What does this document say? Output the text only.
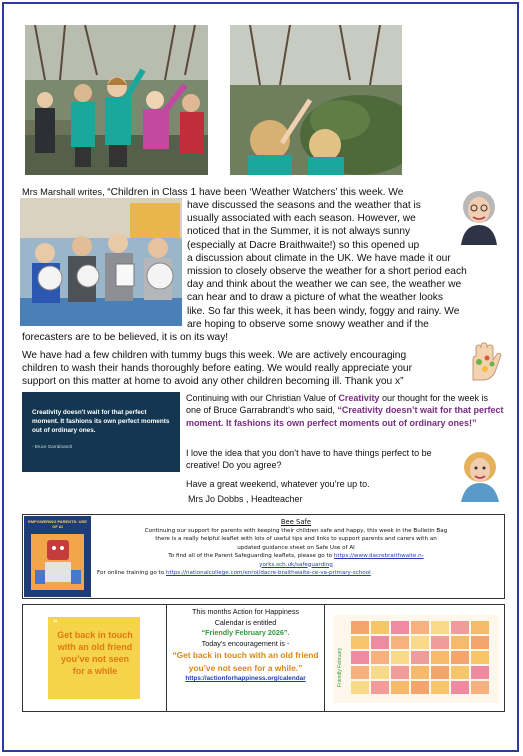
Mrs Marshall writes, “Children in Class 1 have been ‘Weather Watchers’ this week. We

have discussed the seasons and the weather that is

usually associated with each season. However, we

noticed that in the Summer, it is not always sunny

(especially at Dacre Braithwaite!) so this opened up

a discussion about climate in the UK. We have made it our

mission to closely observe the weather for a short period each

day and think about the weather we can see, the weather we

can hear and to draw a picture of what the weather looks

like. So far this week, it has been windy, foggy and rainy. We

are hoping to observe some snowy weather and if the

forecasters are to be believed, it is on its way!

We have had a few children with tummy bugs this week. We are actively encouraging

children to wash their hands thoroughly before eating. We would really appreciate your

support on this matter at home to avoid any other children becoming ill. Thank you x”

Creativity doesn't wait for that perfect moment. It fashions its own perfect moments out of ordinary ones.
- Bruce Garrabrandt

Continuing with our Christian Value of Creativity our thought for the week is

one of Bruce Garrabrandt’s who said, “Creativity doesn’t wait for that perfect moment. It fashions its own perfect moments out of ordinary ones!”

I love the idea that you don’t have to have things perfect to be creative! Do you agree?
Have a great weekend, whatever you’re up to.
Mrs Jo Dobbs , Headteacher
EMPOWERING PARENTS: USE OF AI
Bee Safe
Continuing our support for parents with keeping their children safe and happy, this week in the Bulletin Bag
there is a really helpful leaflet with lots of useful tips and links to support parents and carers with an
updated guidance sheet on Safe Use of AI
To find all of the Parent Safeguarding leaflets, please go to https://www.dacrebraithwaite.n-
yorks.sch.uk/safeguarding
For online training go to https://nationalcollege.com/enrol/dacre-braithwaite-ce-va-primary-school
“
Get back in touch with an old friend you’ve not seen for a while
This months Action for Happiness
Calendar is entitled
“Friendly February 2026”.
Today’s encouragement is -
“Get back in touch with an old friend you’ve not seen for a while.”
https://actionforhappiness.org/calendar	Friendly February
